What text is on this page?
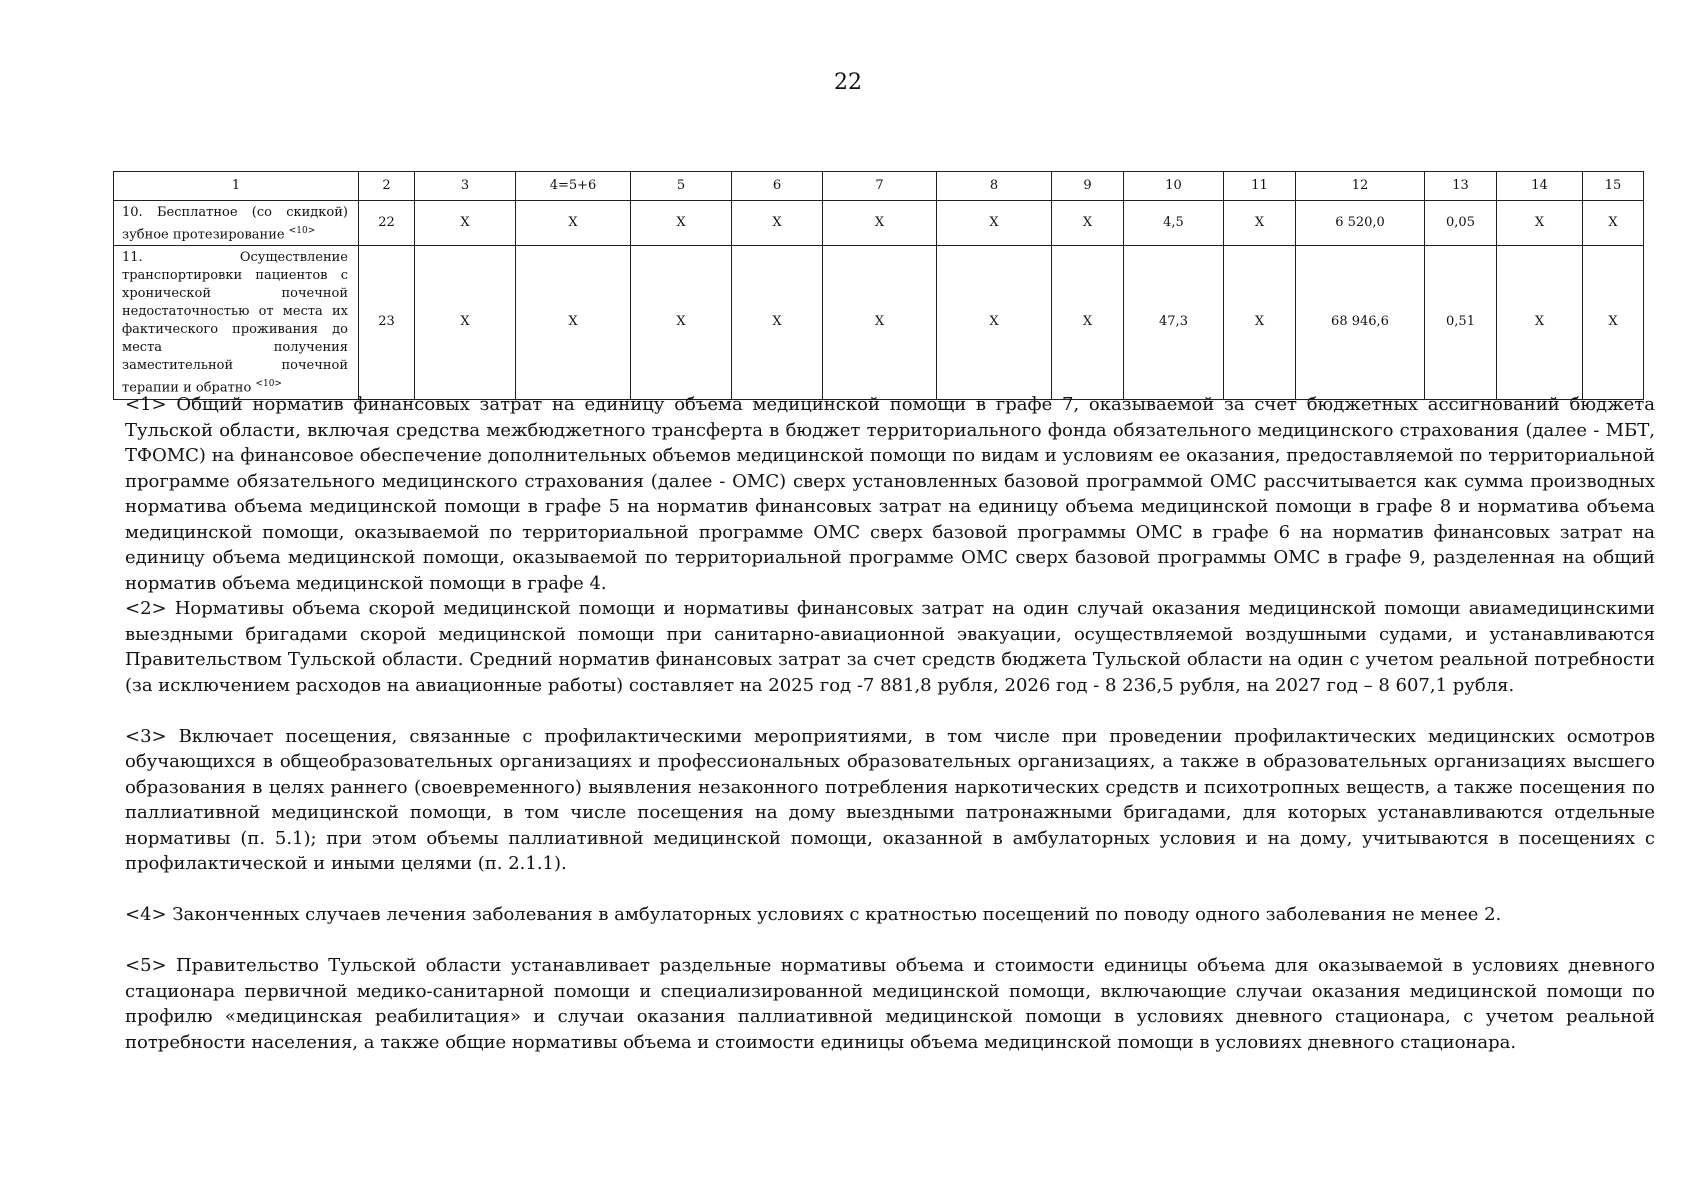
22
1	2	3	4=5+6	5	6	7	8	9	10	11	12	13	14	15
10. Бесплатное (со скидкой) зубное протезирование $^{<10>}$	22	X	X	X	X	X	X	X	4,5	X	6 520,0	0,05	X	X
11. Осуществление транспортировки пациентов с хронической почечной недостаточностью от места их фактического проживания до места получения заместительной почечной терапии и обратно $^{<10>}$	23	X	X	X	X	X	X	X	47,3	X	68 946,6	0,51	X	X

<1> Общий норматив финансовых затрат на единицу объема медицинской помощи в графе 7, оказываемой за счет бюджетных ассигнований бюджета Тульской области, включая средства межбюджетного трансферта в бюджет территориального фонда обязательного медицинского страхования (далее - МБТ, ТФОМС) на финансовое обеспечение дополнительных объемов медицинской помощи по видам и условиям ее оказания, предоставляемой по территориальной программе обязательного медицинского страхования (далее - ОМС) сверх установленных базовой программой ОМС рассчитывается как сумма производных норматива объема медицинской помощи в графе 5 на норматив финансовых затрат на единицу объема медицинской помощи в графе 8 и норматива объема медицинской помощи, оказываемой по территориальной программе ОМС сверх базовой программы ОМС в графе 6 на норматив финансовых затрат на единицу объема медицинской помощи, оказываемой по территориальной программе ОМС сверх базовой программы ОМС в графе 9, разделенная на общий норматив объема медицинской помощи в графе 4.

<2> Нормативы объема скорой медицинской помощи и нормативы финансовых затрат на один случай оказания медицинской помощи авиамедицинскими выездными бригадами скорой медицинской помощи при санитарно-авиационной эвакуации, осуществляемой воздушными судами, и устанавливаются Правительством Тульской области. Средний норматив финансовых затрат за счет средств бюджета Тульской области на один с учетом реальной потребности (за исключением расходов на авиационные работы) составляет на 2025 год -7 881,8 рубля, 2026 год - 8 236,5 рубля, на 2027 год – 8 607,1 рубля.

<3> Включает посещения, связанные с профилактическими мероприятиями, в том числе при проведении профилактических медицинских осмотров обучающихся в общеобразовательных организациях и профессиональных образовательных организациях, а также в образовательных организациях высшего образования в целях раннего (своевременного) выявления незаконного потребления наркотических средств и психотропных веществ, а также посещения по паллиативной медицинской помощи, в том числе посещения на дому выездными патронажными бригадами, для которых устанавливаются отдельные нормативы (п. 5.1); при этом объемы паллиативной медицинской помощи, оказанной в амбулаторных условия и на дому, учитываются в посещениях с профилактической и иными целями (п. 2.1.1).

<4> Законченных случаев лечения заболевания в амбулаторных условиях с кратностью посещений по поводу одного заболевания не менее 2.

<5> Правительство Тульской области устанавливает раздельные нормативы объема и стоимости единицы объема для оказываемой в условиях дневного стационара первичной медико-санитарной помощи и специализированной медицинской помощи, включающие случаи оказания медицинской помощи по профилю «медицинская реабилитация» и случаи оказания паллиативной медицинской помощи в условиях дневного стационара, с учетом реальной потребности населения, а также общие нормативы объема и стоимости единицы объема медицинской помощи в условиях дневного стационара.
